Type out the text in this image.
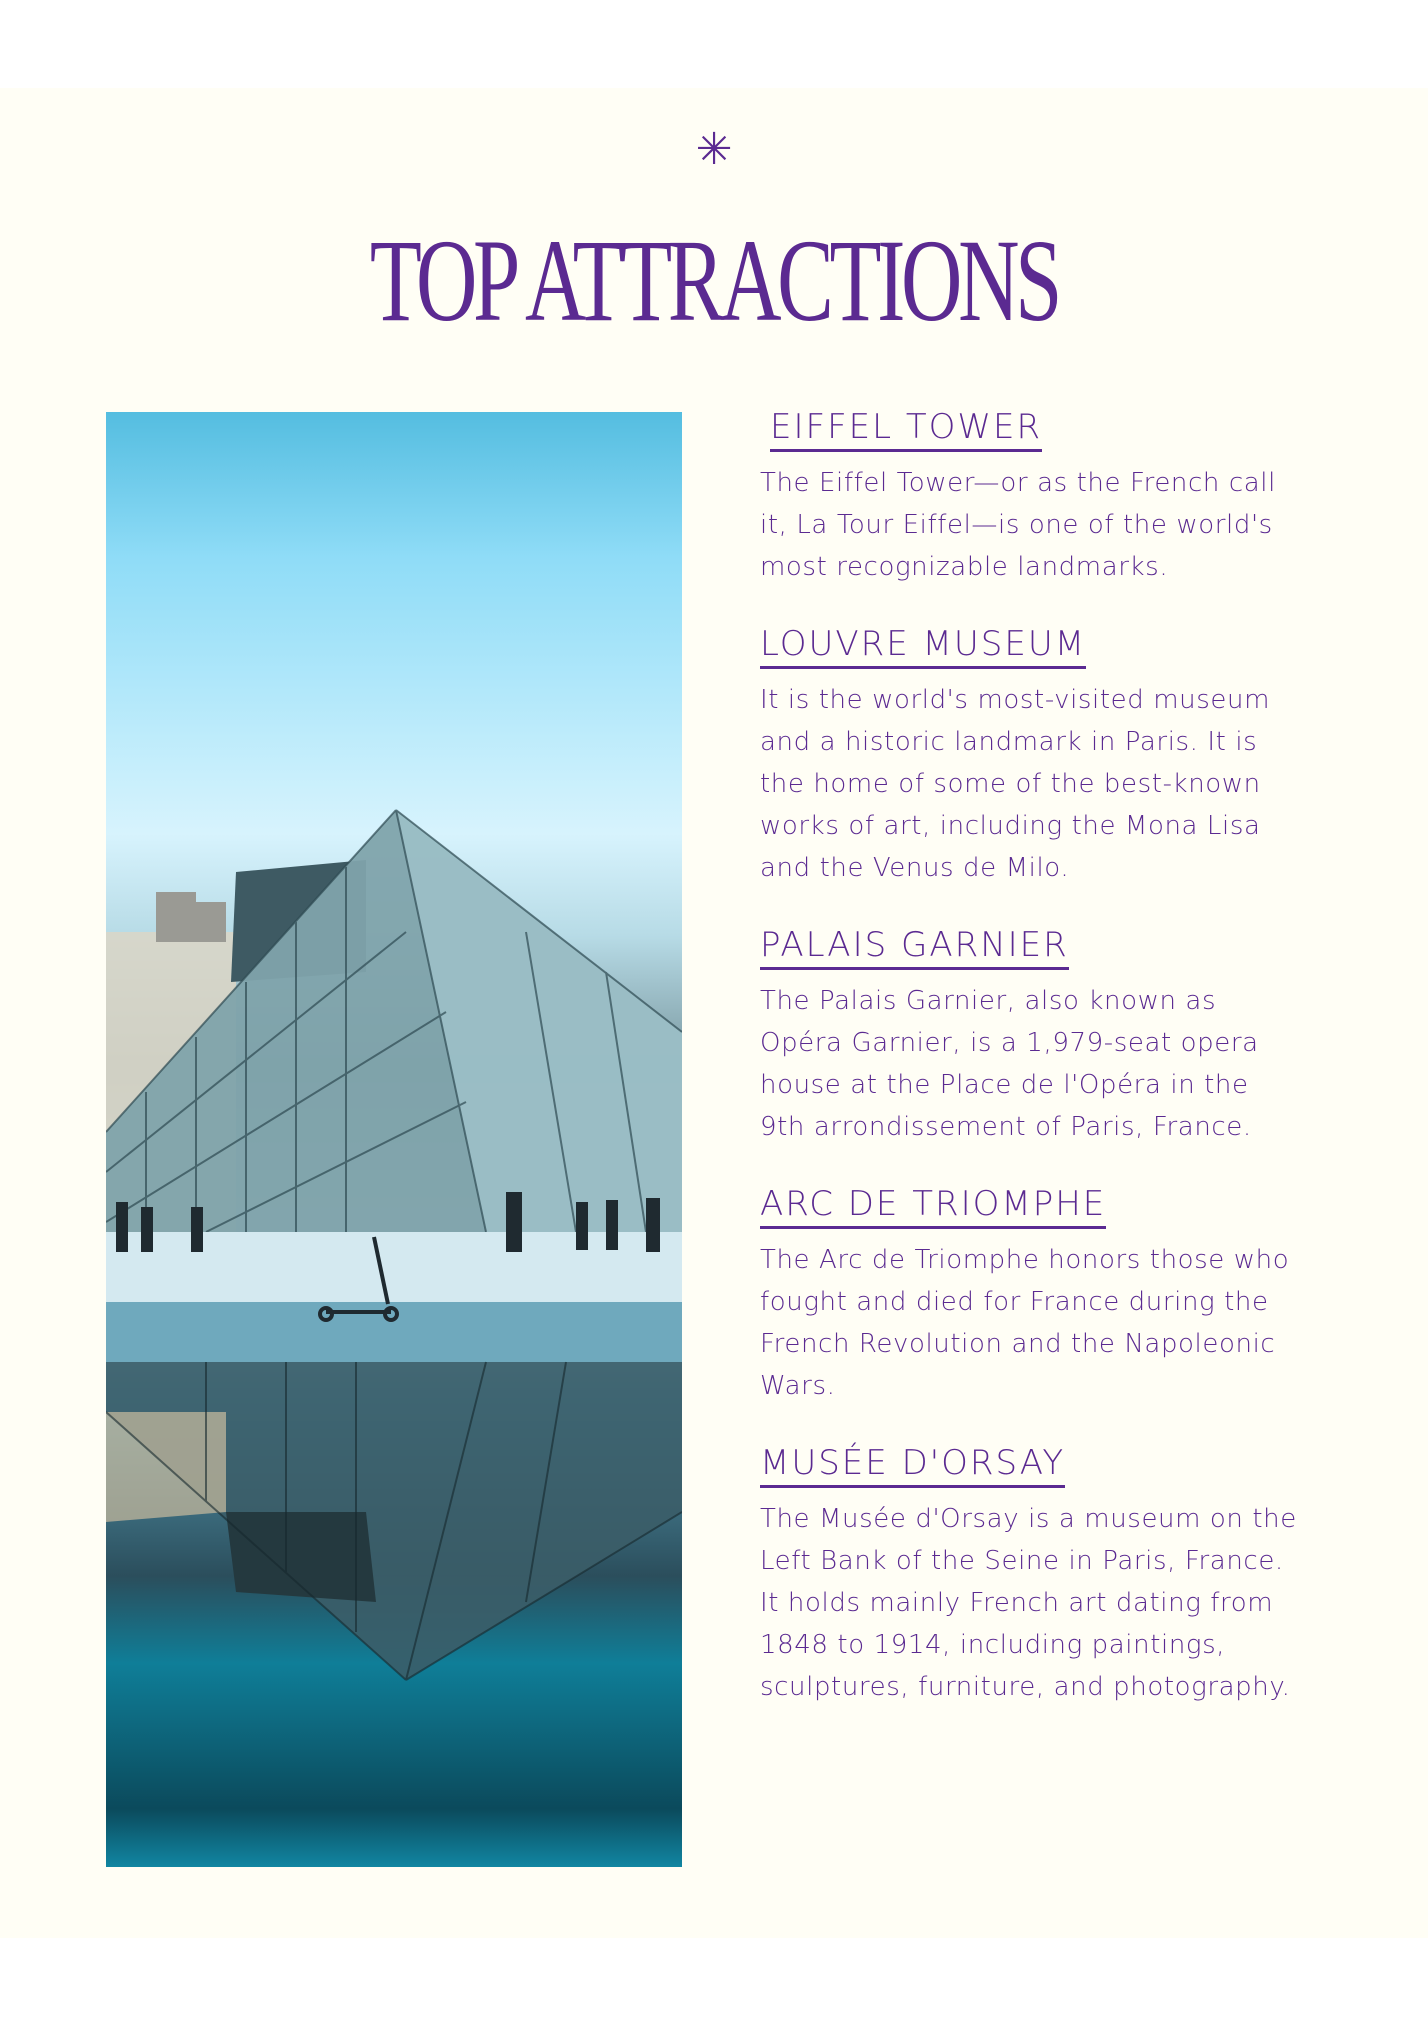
✳
TOP ATTRACTIONS
EIFFEL TOWER
The Eiffel Tower—or as the French call it, La Tour Eiffel—is one of the world's most recognizable landmarks.
LOUVRE MUSEUM
It is the world's most-visited museum and a historic landmark in Paris. It is the home of some of the best-known works of art, including the Mona Lisa and the Venus de Milo.
PALAIS GARNIER
The Palais Garnier, also known as Opéra Garnier, is a 1,979-seat opera house at the Place de l'Opéra in the 9th arrondissement of Paris, France.
ARC DE TRIOMPHE
The Arc de Triomphe honors those who fought and died for France during the French Revolution and the Napoleonic Wars.
MUSÉE D'ORSAY
The Musée d'Orsay is a museum on the Left Bank of the Seine in Paris, France. It holds mainly French art dating from 1848 to 1914, including paintings, sculptures, furniture, and photography.
